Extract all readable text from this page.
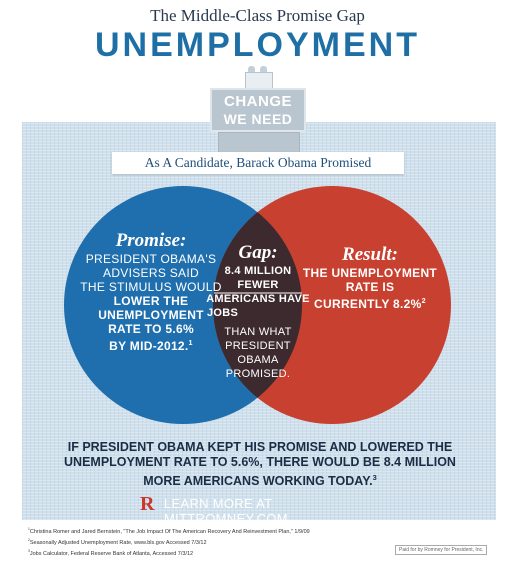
The Middle-Class Promise Gap
UNEMPLOYMENT
CHANGE
WE NEED
As A Candidate, Barack Obama Promised
Promise:
PRESIDENT OBAMA'S
ADVISERS SAID
THE STIMULUS WOULD
LOWER THE
UNEMPLOYMENT
RATE TO 5.6%
BY MID-2012.$^1$
Gap:
8.4 MILLION FEWER
AMERICANS HAVE
JOBS
THAN WHAT
PRESIDENT OBAMA
PROMISED.
Result:
THE UNEMPLOYMENT
RATE IS
CURRENTLY 8.2%$^2$
IF PRESIDENT OBAMA KEPT HIS PROMISE AND LOWERED THE
UNEMPLOYMENT RATE TO 5.6%, THERE WOULD BE 8.4 MILLION
MORE AMERICANS WORKING TODAY.$^3$
R LEARN MORE AT MITTROMNEY.COM
$^1$Christina Romer and Jared Bernstein, "The Job Impact Of The American Recovery And Reinvestment Plan," 1/9/09
$^2$Seasonally Adjusted Unemployment Rate, www.bls.gov Accessed 7/3/12
$^3$Jobs Calculator, Federal Reserve Bank of Atlanta, Accessed 7/3/12
Paid for by Romney for President, Inc.
